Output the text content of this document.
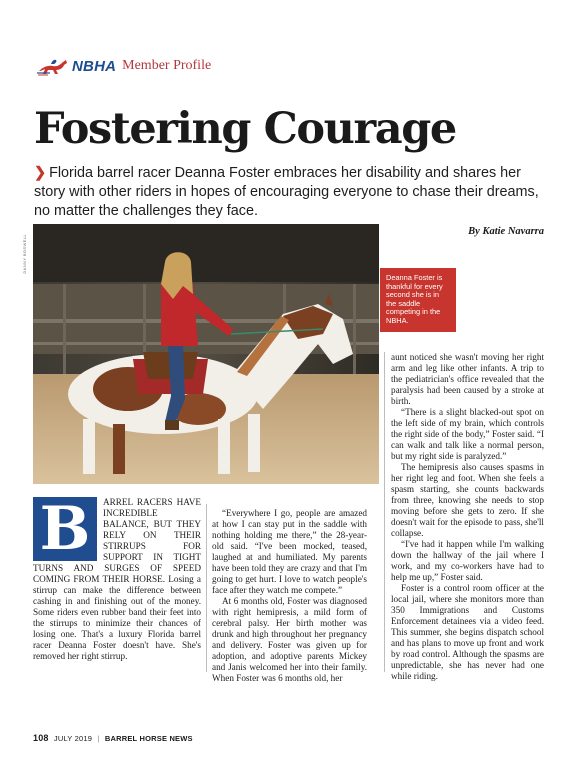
NBHA Member Profile
Fostering Courage
❯ Florida barrel racer Deanna Foster embraces her disability and shares her story with other riders in hopes of encouraging everyone to chase their dreams, no matter the challenges they face.
By Katie Navarra
DANNY BOSWELL
Deanna Foster is thankful for every second she is in the saddle competing in the NBHA.
B	ARREL RACERS HAVE INCREDIBLE BALANCE, BUT THEY RELY ON THEIR STIRRUPS FOR SUPPORT IN TIGHT TURNS AND SURGES OF SPEED COMING FROM THEIR HORSE. Losing a stirrup can make the difference between cashing in and finishing out of the money. Some riders even rubber band their feet into the stirrups to minimize their chances of losing one. That's a luxury Florida barrel racer Deanna Foster doesn't have. She's removed her right stirrup.

“Everywhere I go, people are amazed at how I can stay put in the saddle with nothing holding me there,” the 28-year-old said. “I've been mocked, teased, laughed at and humiliated. My parents have been told they are crazy and that I'm going to get hurt. I love to watch people's face after they watch me compete.”

At 6 months old, Foster was diagnosed with right hemipresis, a mild form of cerebral palsy. Her birth mother was drunk and high throughout her pregnancy and delivery. Foster was given up for adoption, and adoptive parents Mickey and Janis welcomed her into their family. When Foster was 6 months old, her

aunt noticed she wasn't moving her right arm and leg like other infants. A trip to the pediatrician's office revealed that the paralysis had been caused by a stroke at birth.

“There is a slight blacked-out spot on the left side of my brain, which controls the right side of the body,” Foster said. “I can walk and talk like a normal person, but my right side is paralyzed.”

The hemipresis also causes spasms in her right leg and foot. When she feels a spasm starting, she counts backwards from three, knowing she needs to stop moving before she gets to zero. If she doesn't wait for the episode to pass, she'll collapse.

“I've had it happen while I'm walking down the hallway of the jail where I work, and my co-workers have had to help me up,” Foster said.

Foster is a control room officer at the local jail, where she monitors more than 350 Immigrations and Customs Enforcement detainees via a video feed. This summer, she begins dispatch school and has plans to move up front and work by road control. Although the spasms are unpredictable, she has never had one while riding.

108 JULY 2019 | BARREL HORSE NEWS
